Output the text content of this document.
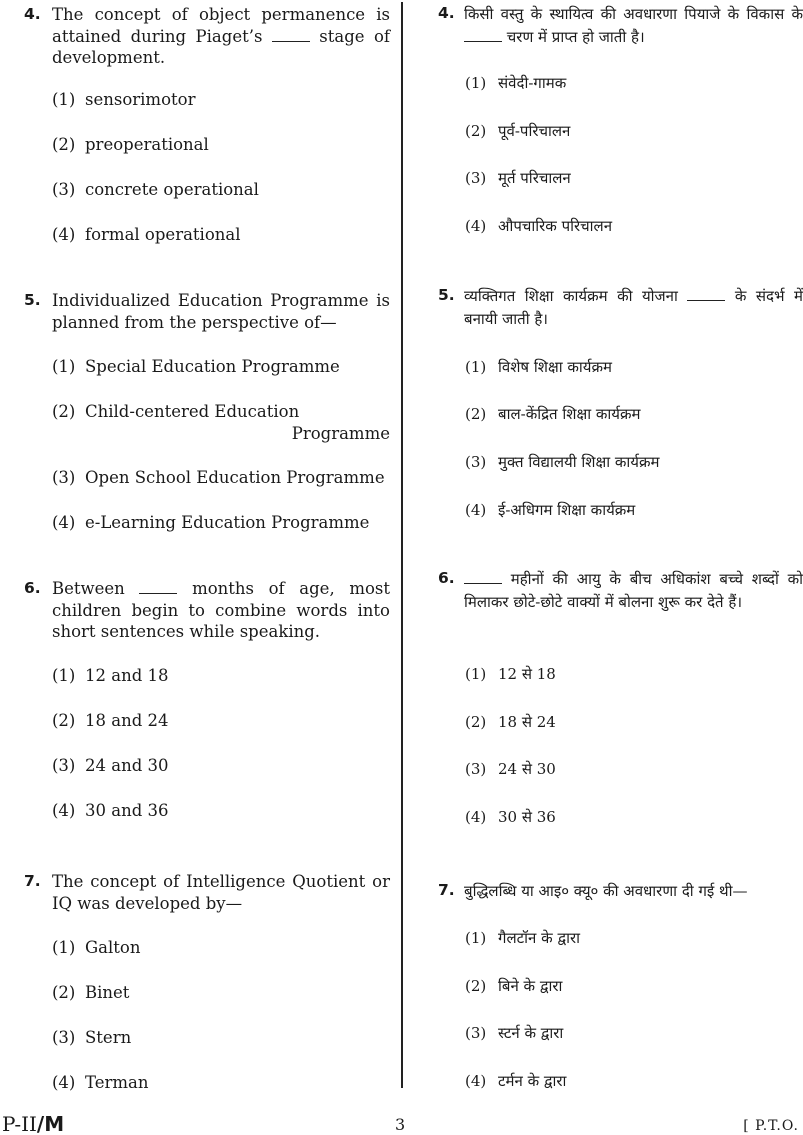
4. The concept of object permanence is attained during Piaget’s	stage of development.
(1) sensorimotor
(2) preoperational
(3) concrete operational
(4) formal operational
5. Individualized Education Programme is planned from the perspective of—
(1) Special Education Programme
(2) Child-centered Education
Programme
(3) Open School Education Programme
(4) e-Learning Education Programme
6. Between	months of age, most children begin to combine words into short sentences while speaking.
(1) 12 and 18
(2) 18 and 24
(3) 24 and 30
(4) 30 and 36
7. The concept of Intelligence Quotient or IQ was developed by—
(1) Galton
(2) Binet
(3) Stern
(4) Terman
4. किसी वस्तु के स्थायित्व की अवधारणा पियाजे के विकास के  चरण में प्राप्त हो जाती है।
(1) संवेदी-गामक
(2) पूर्व-परिचालन
(3) मूर्त परिचालन
(4) औपचारिक परिचालन
5. व्यक्तिगत शिक्षा कार्यक्रम की योजना	के संदर्भ में बनायी जाती है।
(1) विशेष शिक्षा कार्यक्रम
(2) बाल-केंद्रित शिक्षा कार्यक्रम
(3) मुक्त विद्यालयी शिक्षा कार्यक्रम
(4) ई-अधिगम शिक्षा कार्यक्रम
6.	महीनों की आयु के बीच अधिकांश बच्चे शब्दों को मिलाकर छोटे-छोटे वाक्यों में बोलना शुरू कर देते हैं।
(1) 12 से 18
(2) 18 से 24
(3) 24 से 30
(4) 30 से 36
7. बुद्धिलब्धि या आइ० क्यू० की अवधारणा दी गई थी—
(1) गैलटॉन के द्वारा
(2) बिने के द्वारा
(3) स्टर्न के द्वारा
(4) टर्मन के द्वारा
P-II/M	3	[ P.T.O.
